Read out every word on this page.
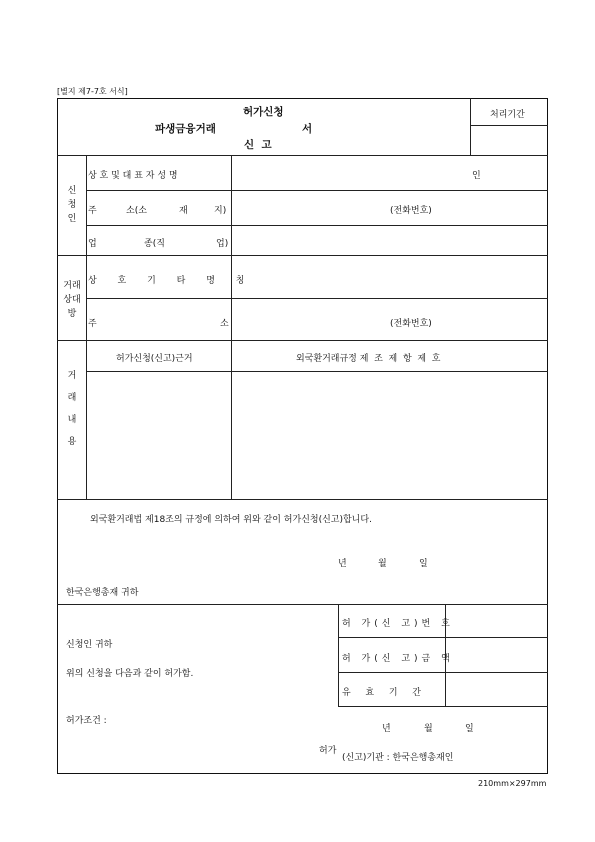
[별지 제7-7호 서식]
허가신청
파생금융거래	서
신  고
처리기간
신
청
인
상 호 및 대 표 자 성 명	인
주	소(소	재	지)	(전화번호)
업	종(직	업)
거래
상대
방
상 호 기 타 명 칭
주	소	(전화번호)
거

래

내

용
허가신청(신고)근거	외국환거래규정 제  조  제  항  제  호
외국환거래법 제18조의 규정에 의하여 위와 같이 허가신청(신고)합니다.
년	월	일
한국은행총재 귀하
신청인 귀하
위의 신청을 다음과 같이 허가함.
허가조건 :
허 가(신 고)번 호
허 가(신 고)금 액
유  효  기  간
년	월	일
허가
(신고)기관 : 한국은행총재인
210mm×297mm
